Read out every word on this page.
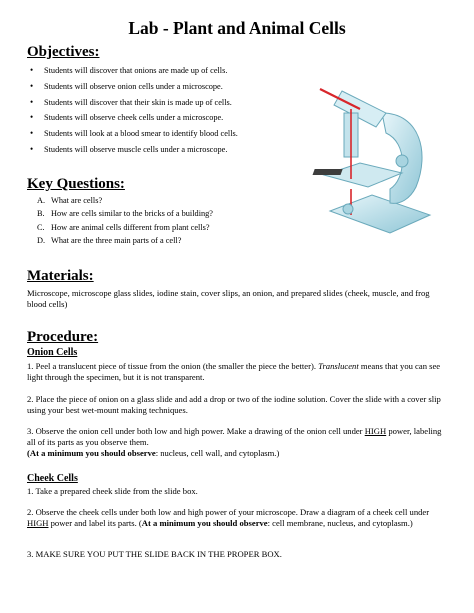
Lab - Plant and Animal Cells
Objectives:
• Students will discover that onions are made up of cells.
• Students will observe onion cells under a microscope.
• Students will discover that their skin is made up of cells.
• Students will observe cheek cells under a microscope.
• Students will look at a blood smear to identify blood cells.
• Students will observe muscle cells under a microscope.
Key Questions:
A. What are cells?
B. How are cells similar to the bricks of a building?
C. How are animal cells different from plant cells?
D. What are the three main parts of a cell?
Materials:
Microscope, microscope glass slides, iodine stain, cover slips, an onion, and prepared slides (cheek, muscle, and frog blood cells)
Procedure:
Onion Cells
1. Peel a translucent piece of tissue from the onion (the smaller the piece the better). Translucent means that you can see light through the specimen, but it is not transparent.
2. Place the piece of onion on a glass slide and add a drop or two of the iodine solution. Cover the slide with a cover slip using your best wet-mount making techniques.
3. Observe the onion cell under both low and high power. Make a drawing of the onion cell under HIGH power, labeling all of its parts as you observe them.
(At a minimum you should observe: nucleus, cell wall, and cytoplasm.)
Cheek Cells
1. Take a prepared cheek slide from the slide box.
2. Observe the cheek cells under both low and high power of your microscope. Draw a diagram of a cheek cell under HIGH power and label its parts. (At a minimum you should observe: cell membrane, nucleus, and cytoplasm.)
3. MAKE SURE YOU PUT THE SLIDE BACK IN THE PROPER BOX.
